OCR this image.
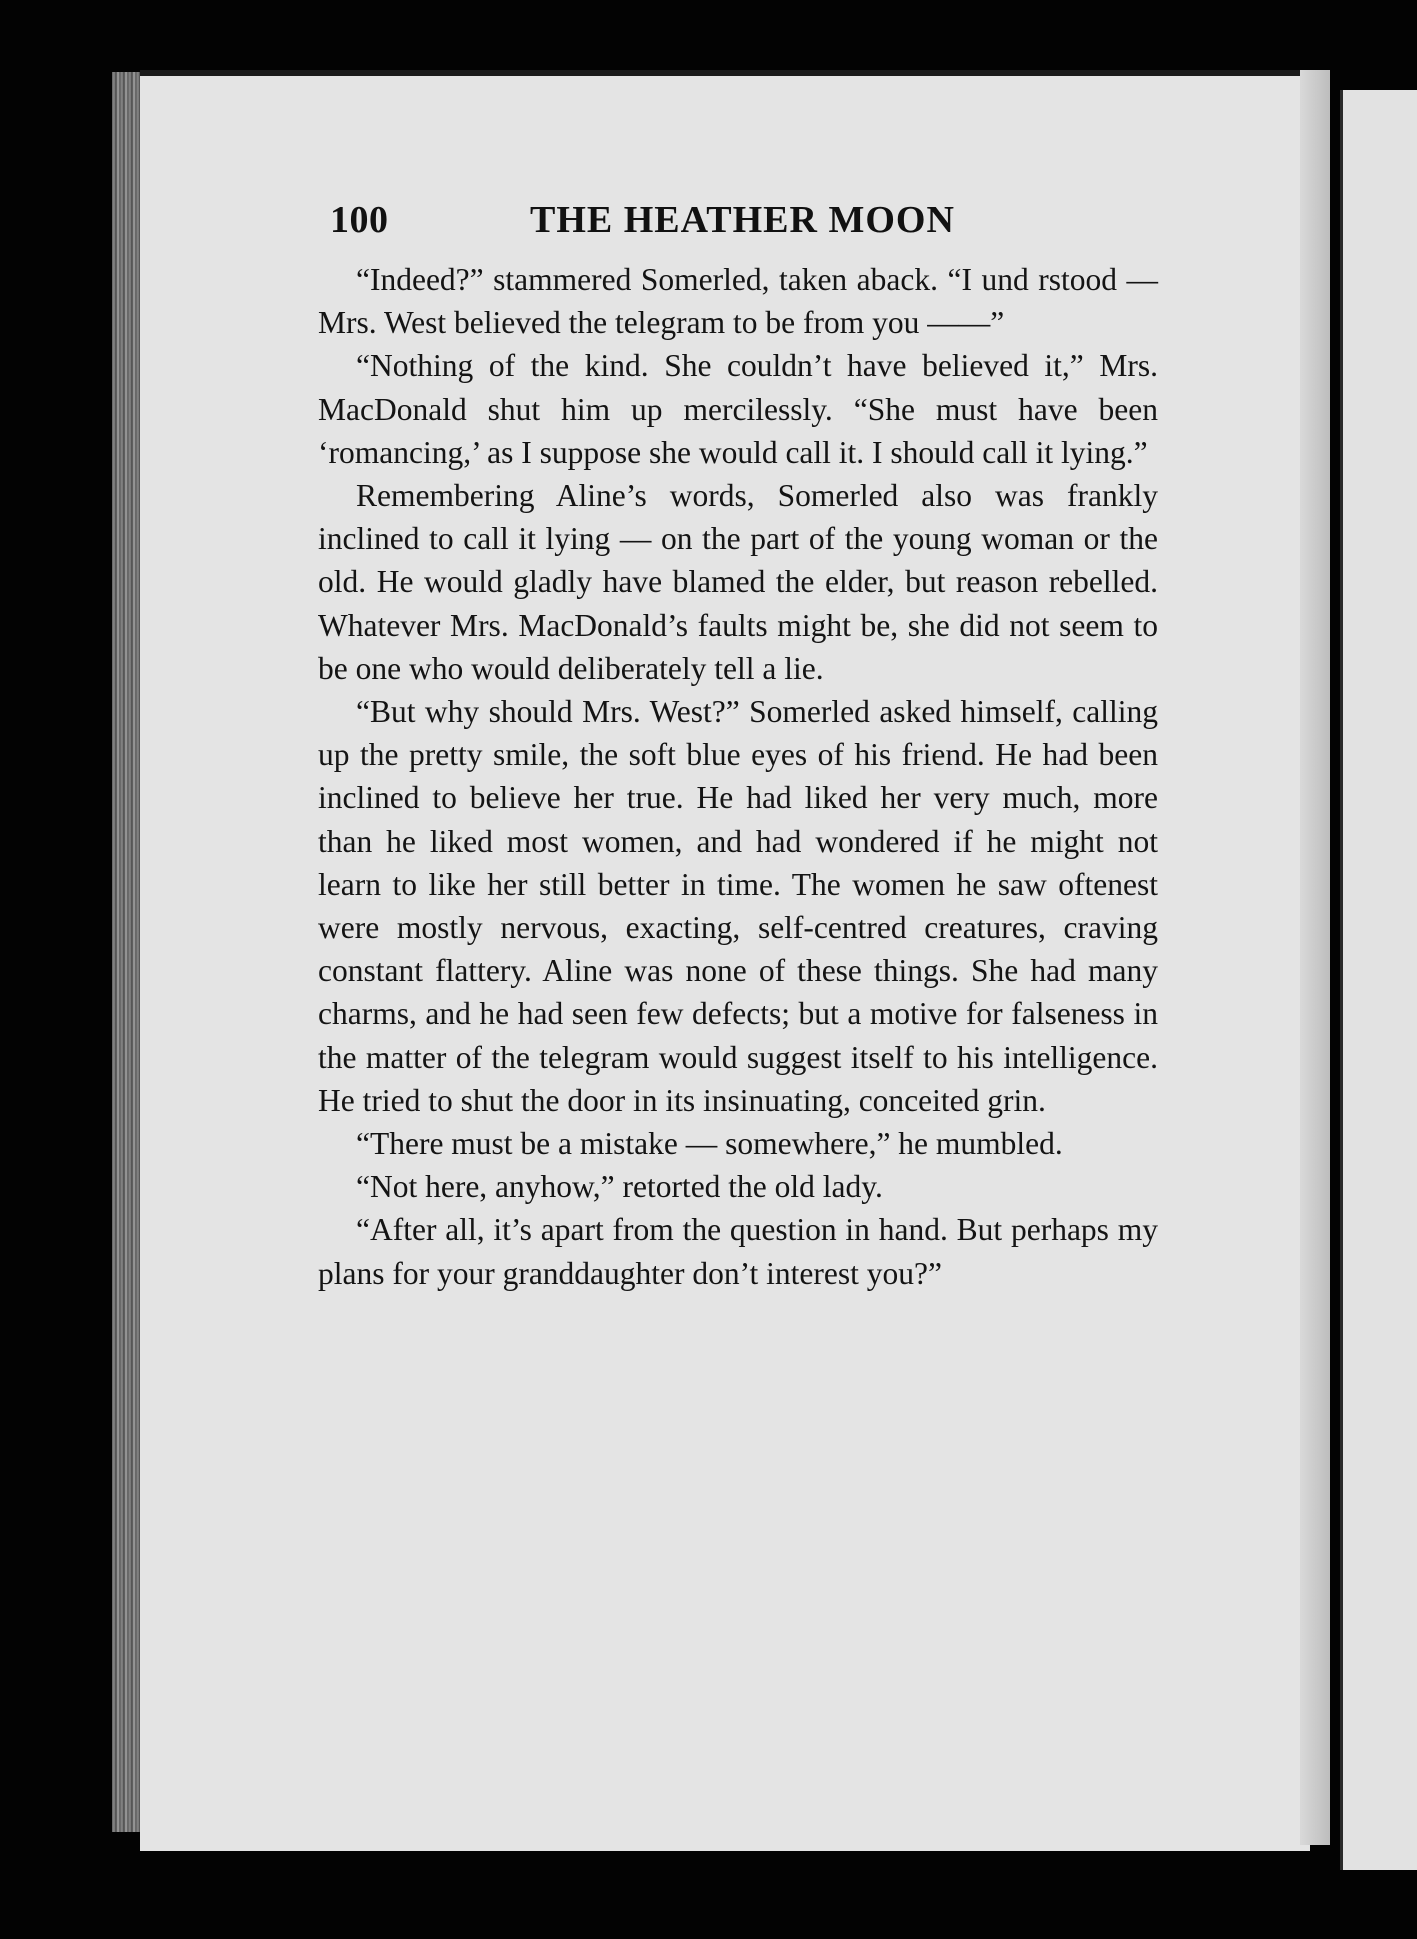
100	THE HEATHER MOON

“Indeed?” stammered Somerled, taken aback. “I und rstood — Mrs. West believed the telegram to be from you ——”

“Nothing of the kind. She couldn’t have believed it,” Mrs. MacDonald shut him up mercilessly. “She must have been ‘romancing,’ as I suppose she would call it. I should call it lying.”

Remembering Aline’s words, Somerled also was frankly inclined to call it lying — on the part of the young woman or the old. He would gladly have blamed the elder, but reason rebelled. Whatever Mrs. MacDonald’s faults might be, she did not seem to be one who would deliberately tell a lie.

“But why should Mrs. West?” Somerled asked himself, calling up the pretty smile, the soft blue eyes of his friend. He had been inclined to believe her true. He had liked her very much, more than he liked most women, and had wondered if he might not learn to like her still better in time. The women he saw oftenest were mostly nervous, exacting, self-centred creatures, craving constant flattery. Aline was none of these things. She had many charms, and he had seen few defects; but a motive for falseness in the matter of the telegram would suggest itself to his intelligence. He tried to shut the door in its insinuating, conceited grin.

“There must be a mistake — somewhere,” he mumbled.

“Not here, anyhow,” retorted the old lady.

“After all, it’s apart from the question in hand. But perhaps my plans for your granddaughter don’t interest you?”
